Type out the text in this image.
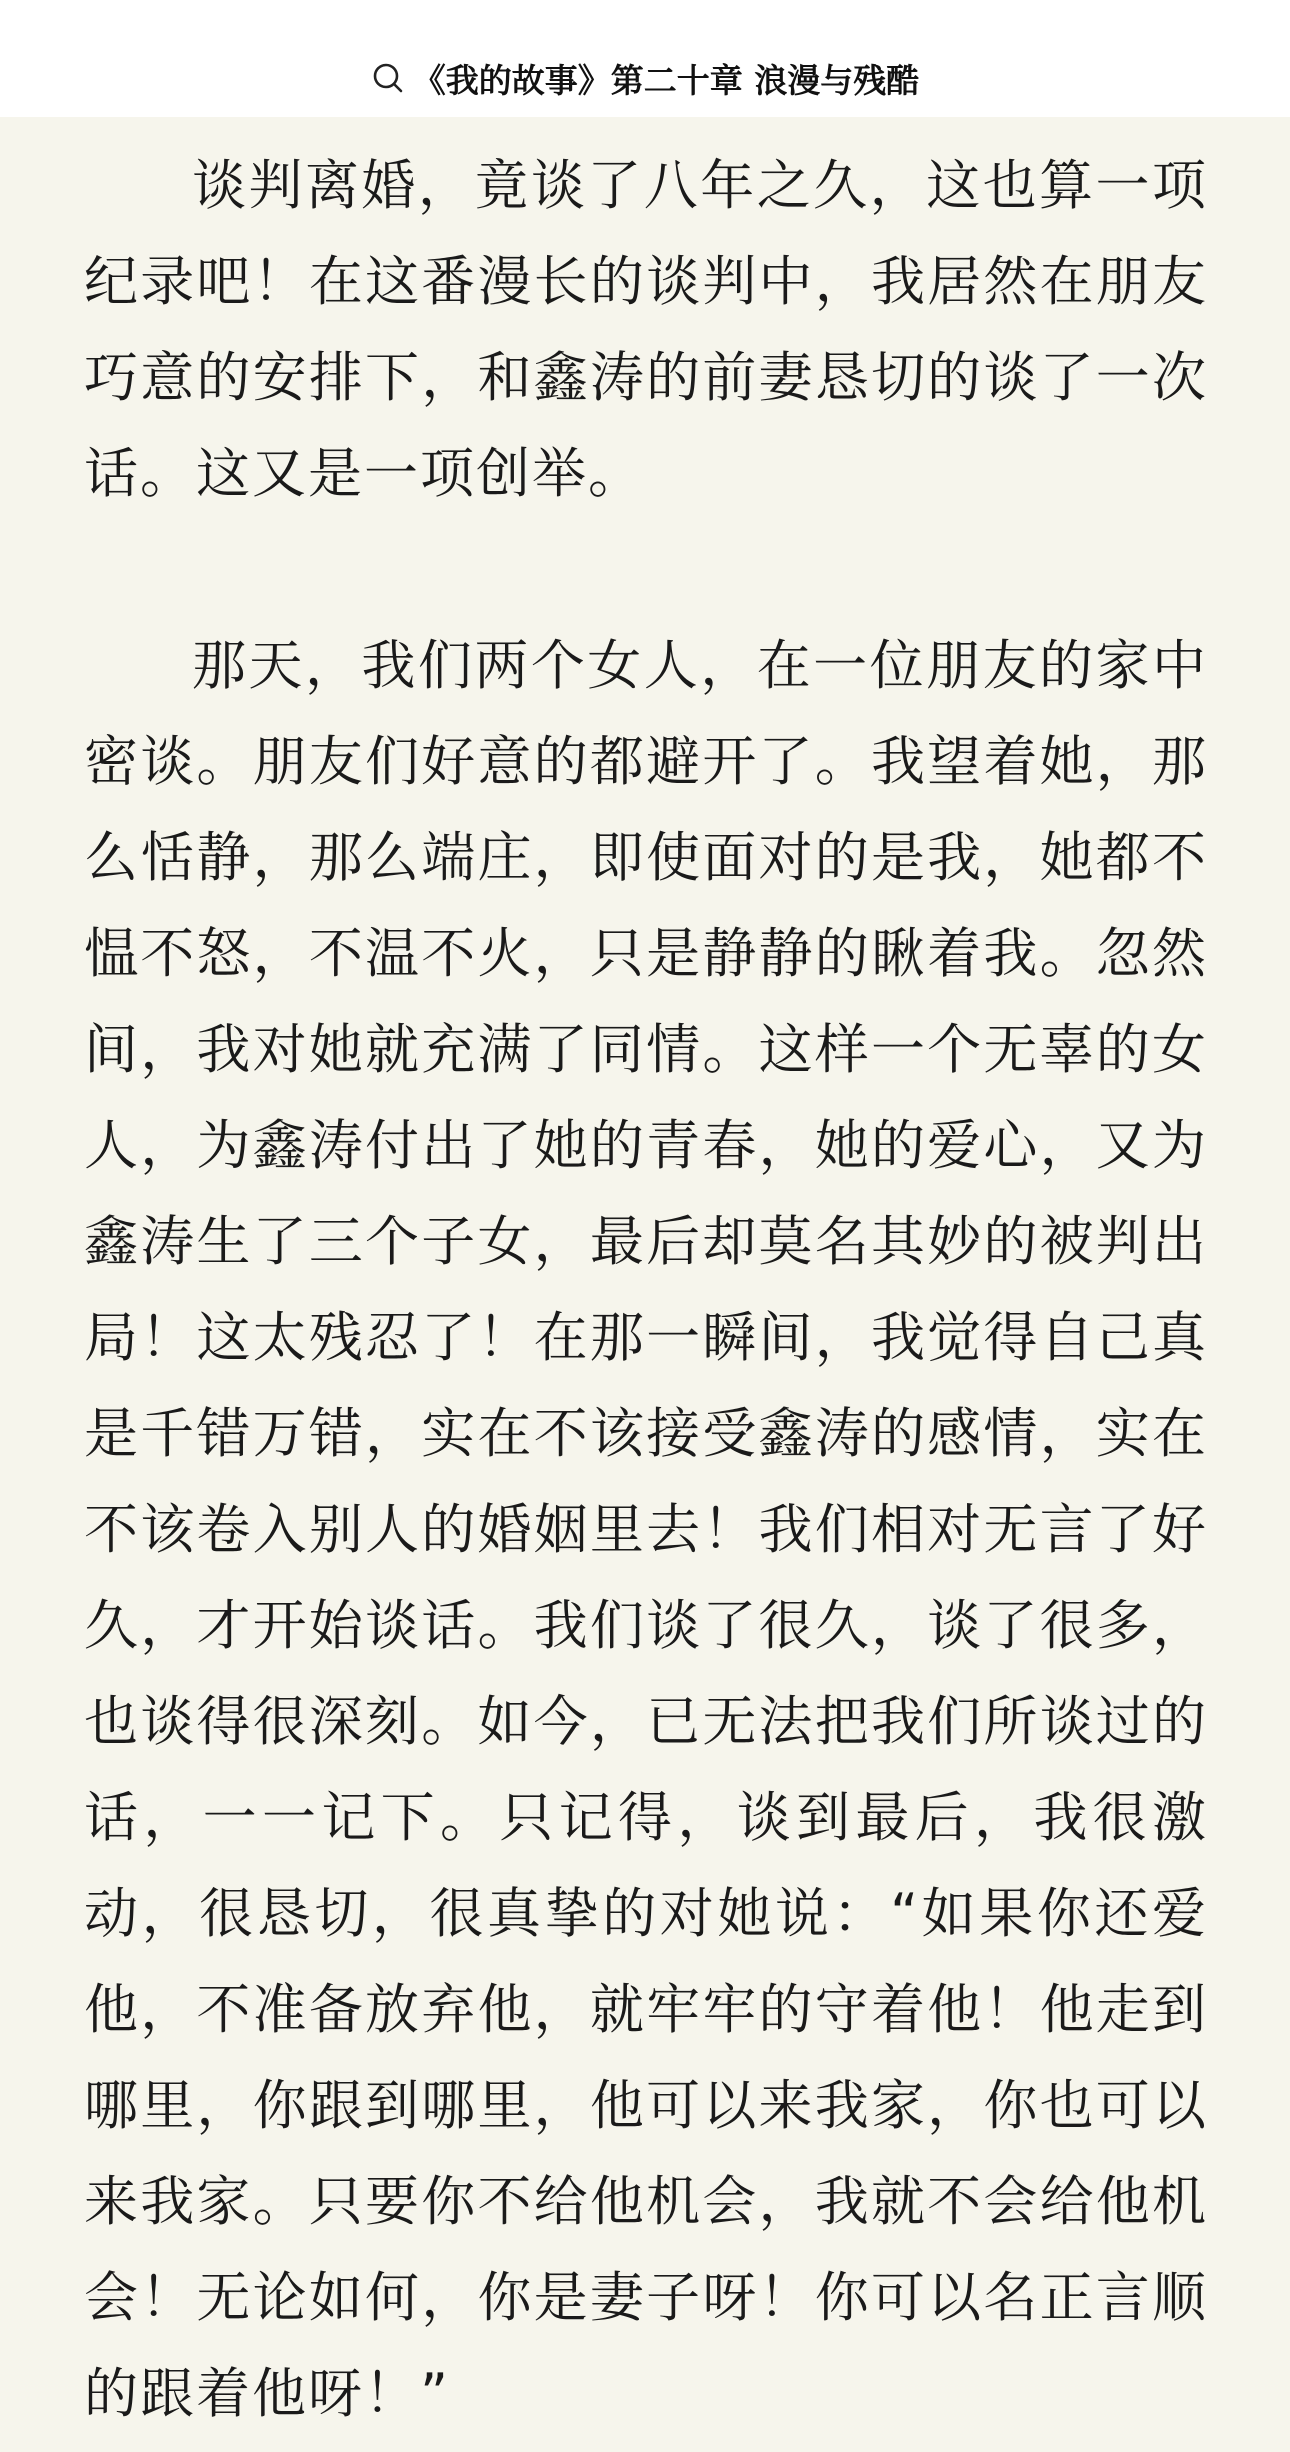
《我的故事》第二十章 浪漫与残酷

谈判离婚，竟谈了八年之久，这也算一项纪录吧！在这番漫长的谈判中，我居然在朋友巧意的安排下，和鑫涛的前妻恳切的谈了一次话。这又是一项创举。

那天，我们两个女人，在一位朋友的家中密谈。朋友们好意的都避开了。我望着她，那么恬静，那么端庄，即使面对的是我，她都不愠不怒，不温不火，只是静静的瞅着我。忽然间，我对她就充满了同情。这样一个无辜的女人，为鑫涛付出了她的青春，她的爱心，又为鑫涛生了三个子女，最后却莫名其妙的被判出局！这太残忍了！在那一瞬间，我觉得自己真是千错万错，实在不该接受鑫涛的感情，实在不该卷入别人的婚姻里去！我们相对无言了好久，才开始谈话。我们谈了很久，谈了很多，也谈得很深刻。如今，已无法把我们所谈过的话，一一记下。只记得，谈到最后，我很激动，很恳切，很真挚的对她说：“如果你还爱他，不准备放弃他，就牢牢的守着他！他走到哪里，你跟到哪里，他可以来我家，你也可以来我家。只要你不给他机会，我就不会给他机会！无论如何，你是妻子呀！你可以名正言顺的跟着他呀！”
